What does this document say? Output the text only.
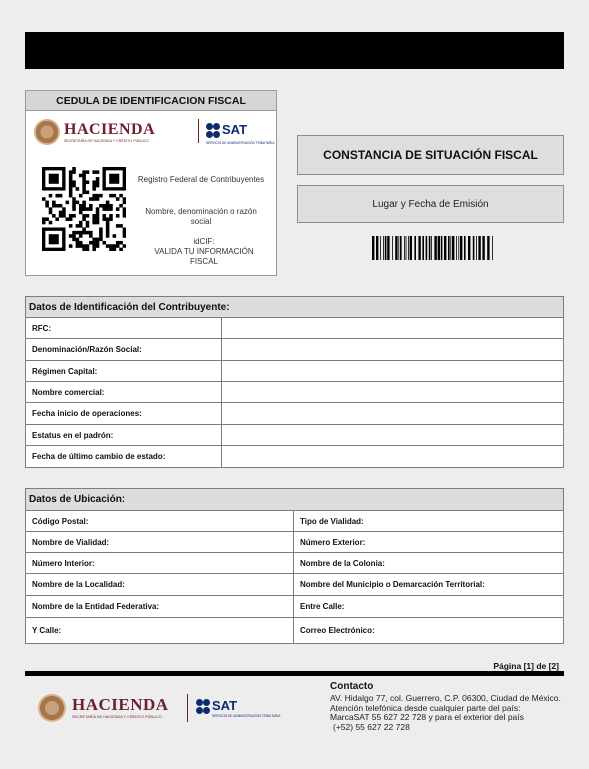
CEDULA DE IDENTIFICACION FISCAL
HACIENDA
SECRETARÍA DE HACIENDA Y CRÉDITO PÚBLICO
SAT
SERVICIO DE ADMINISTRACIÓN TRIBUTARIA
Registro Federal de Contribuyentes
Nombre, denominación o razón social
idCIF:
VALIDA TU INFORMACIÓN FISCAL
CONSTANCIA DE SITUACIÓN FISCAL
Lugar y Fecha de Emisión
Datos de Identificación del Contribuyente:	
RFC:	
Denominación/Razón Social:	
Régimen Capital:	
Nombre comercial:	
Fecha inicio de operaciones:	
Estatus en el padrón:	
Fecha de último cambio de estado:	
Datos de Ubicación:	
Código Postal:	Tipo de Vialidad:
Nombre de Vialidad:	Número Exterior:
Número Interior:	Nombre de la Colonia:
Nombre de la Localidad:	Nombre del Municipio o Demarcación Territorial:
Nombre de la Entidad Federativa:	Entre Calle:
Y Calle:	Correo Electrónico:
Página [1] de [2]
HACIENDA
SECRETARÍA DE HACIENDA Y CRÉDITO PÚBLICO
SAT
SERVICIO DE ADMINISTRACIÓN TRIBUTARIA
Contacto
AV. Hidalgo 77, col. Guerrero, C.P. 06300, Ciudad de México.
Atención telefónica desde cualquier parte del país:
MarcaSAT 55 627 22 728 y para el exterior del país
(+52) 55 627 22 728
